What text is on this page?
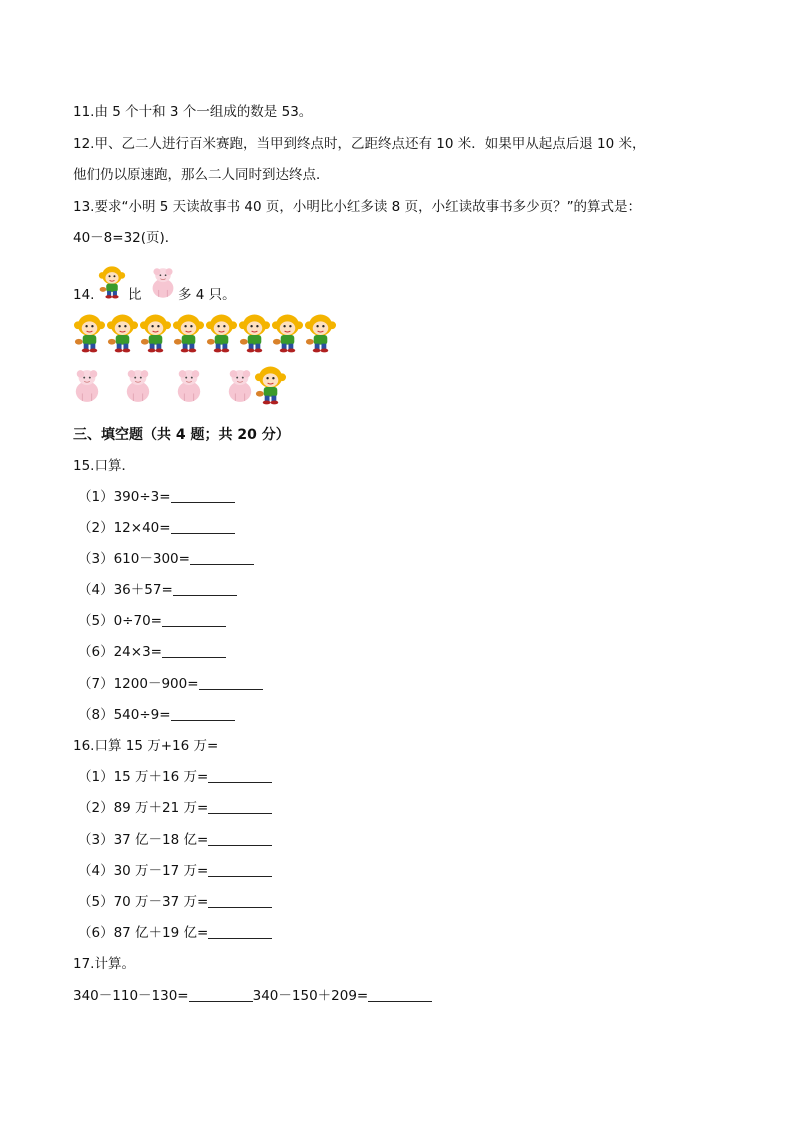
11.由 5 个十和 3 个一组成的数是 53。
12.甲、乙二人进行百米赛跑，当甲到终点时，乙距终点还有 10 米．如果甲从起点后退 10 米，
他们仍以原速跑，那么二人同时到达终点．
13.要求“小明 5 天读故事书 40 页，小明比小红多读 8 页，小红读故事书多少页？”的算式是：
40－8=32(页)．
14. 比	多 4 只。
三、填空题（共 4 题；共 20 分）
15.口算．
（1）390÷3=
（2）12×40=
（3）610－300=
（4）36＋57=
（5）0÷70=
（6）24×3=
（7）1200－900=
（8）540÷9=
16.口算 15 万+16 万=
（1）15 万＋16 万=
（2）89 万＋21 万=
（3）37 亿－18 亿=
（4）30 万－17 万=
（5）70 万－37 万=
（6）87 亿＋19 亿=
17.计算。
340－110－130=	340－150＋209=
